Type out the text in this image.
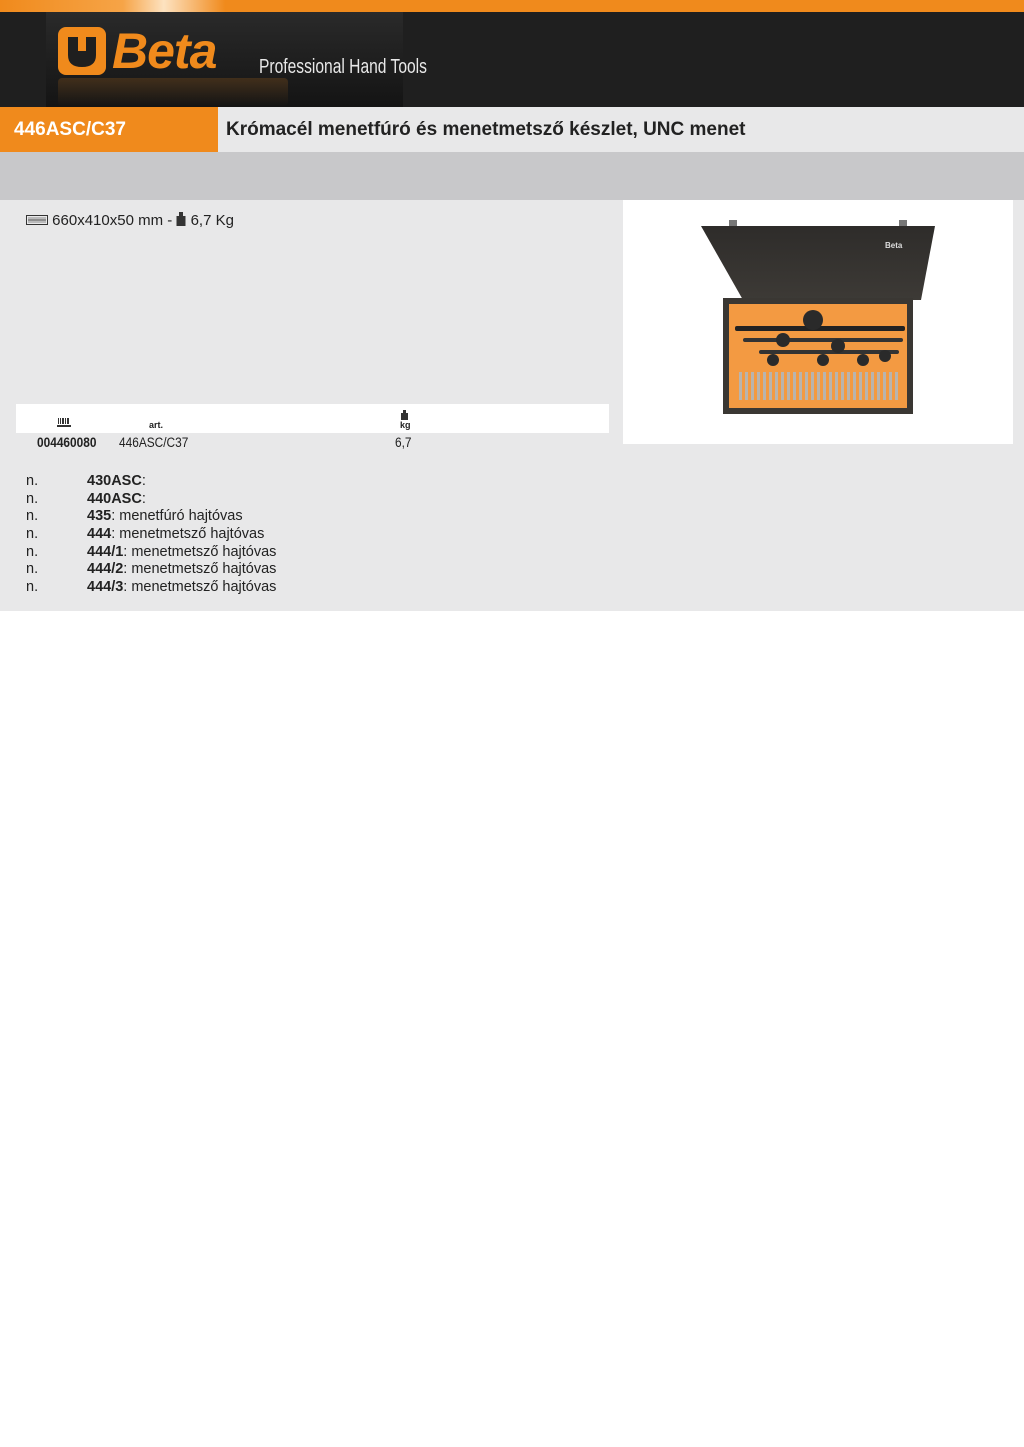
Beta Professional Hand Tools
446ASC/C37	Krómacél menetfúró és menetmetsző készlet, UNC menet
660x410x50 mm - 6,7 Kg
Beta
art.	kg
004460080 446ASC/C37	6,7
n.	430ASC:
n.	440ASC:
n.	435: menetfúró hajtóvas
n.	444: menetmetsző hajtóvas
n.	444/1: menetmetsző hajtóvas
n.	444/2: menetmetsző hajtóvas
n.	444/3: menetmetsző hajtóvas
